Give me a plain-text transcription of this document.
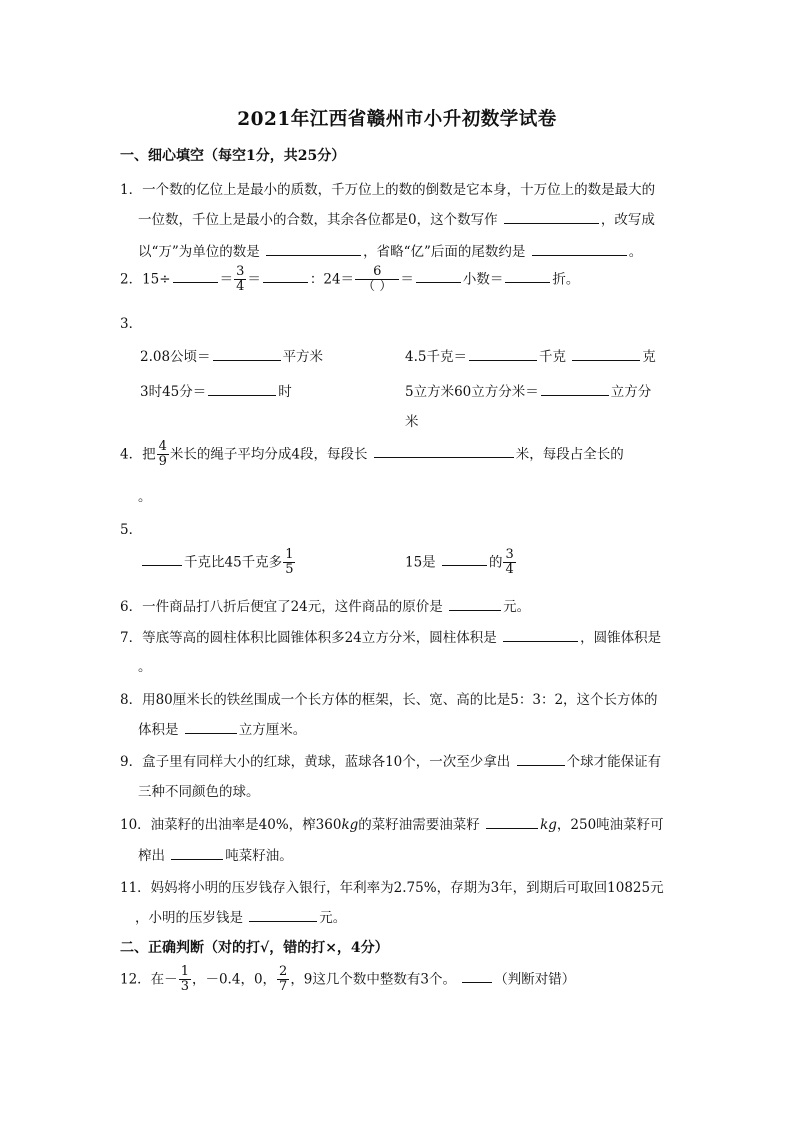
2021年江西省赣州市小升初数学试卷
一、细心填空（每空1分，共25分）
1．一个数的亿位上是最小的质数，千万位上的数的倒数是它本身，十万位上的数是最大的
一位数，千位上是最小的合数，其余各位都是0，这个数写作	，改写成
以“万”为单位的数是	，省略“亿”后面的尾数约是	。
2．15÷	＝ $\frac{3}{4}$ ＝	：$24= \frac{6}{( )}$ ＝	小数＝	折。
3．
2.08公顷＝	平方米	4.5千克＝	千克	克
3时45分＝	时	5立方米60立方分米＝	立方分
米
4．把 $\frac{4}{9}$ 米长的绳子平均分成4段，每段长	米，每段占全长的
。
5．
千克比45千克多 $\frac{1}{5}$	15是	的 $\frac{3}{4}$
6．一件商品打八折后便宜了24元，这件商品的原价是	元。
7．等底等高的圆柱体积比圆锥体积多24立方分米，圆柱体积是	，圆锥体积是
。
8．用80厘米长的铁丝围成一个长方体的框架，长、宽、高的比是5：3：2，这个长方体的
体积是	立方厘米。
9．盒子里有同样大小的红球，黄球，蓝球各10个，一次至少拿出	个球才能保证有
三种不同颜色的球。
10．油菜籽的出油率是40%，榨360kg的菜籽油需要油菜籽	kg，250吨油菜籽可
榨出	吨菜籽油。
11．妈妈将小明的压岁钱存入银行，年利率为2.75%，存期为3年，到期后可取回10825元
，小明的压岁钱是	元。
二、正确判断（对的打√，错的打×，4分）
12．在－ $\frac{1}{3}$ ，－0.4，0， $\frac{2}{7}$ ，9这几个数中整数有3个。	（判断对错）
